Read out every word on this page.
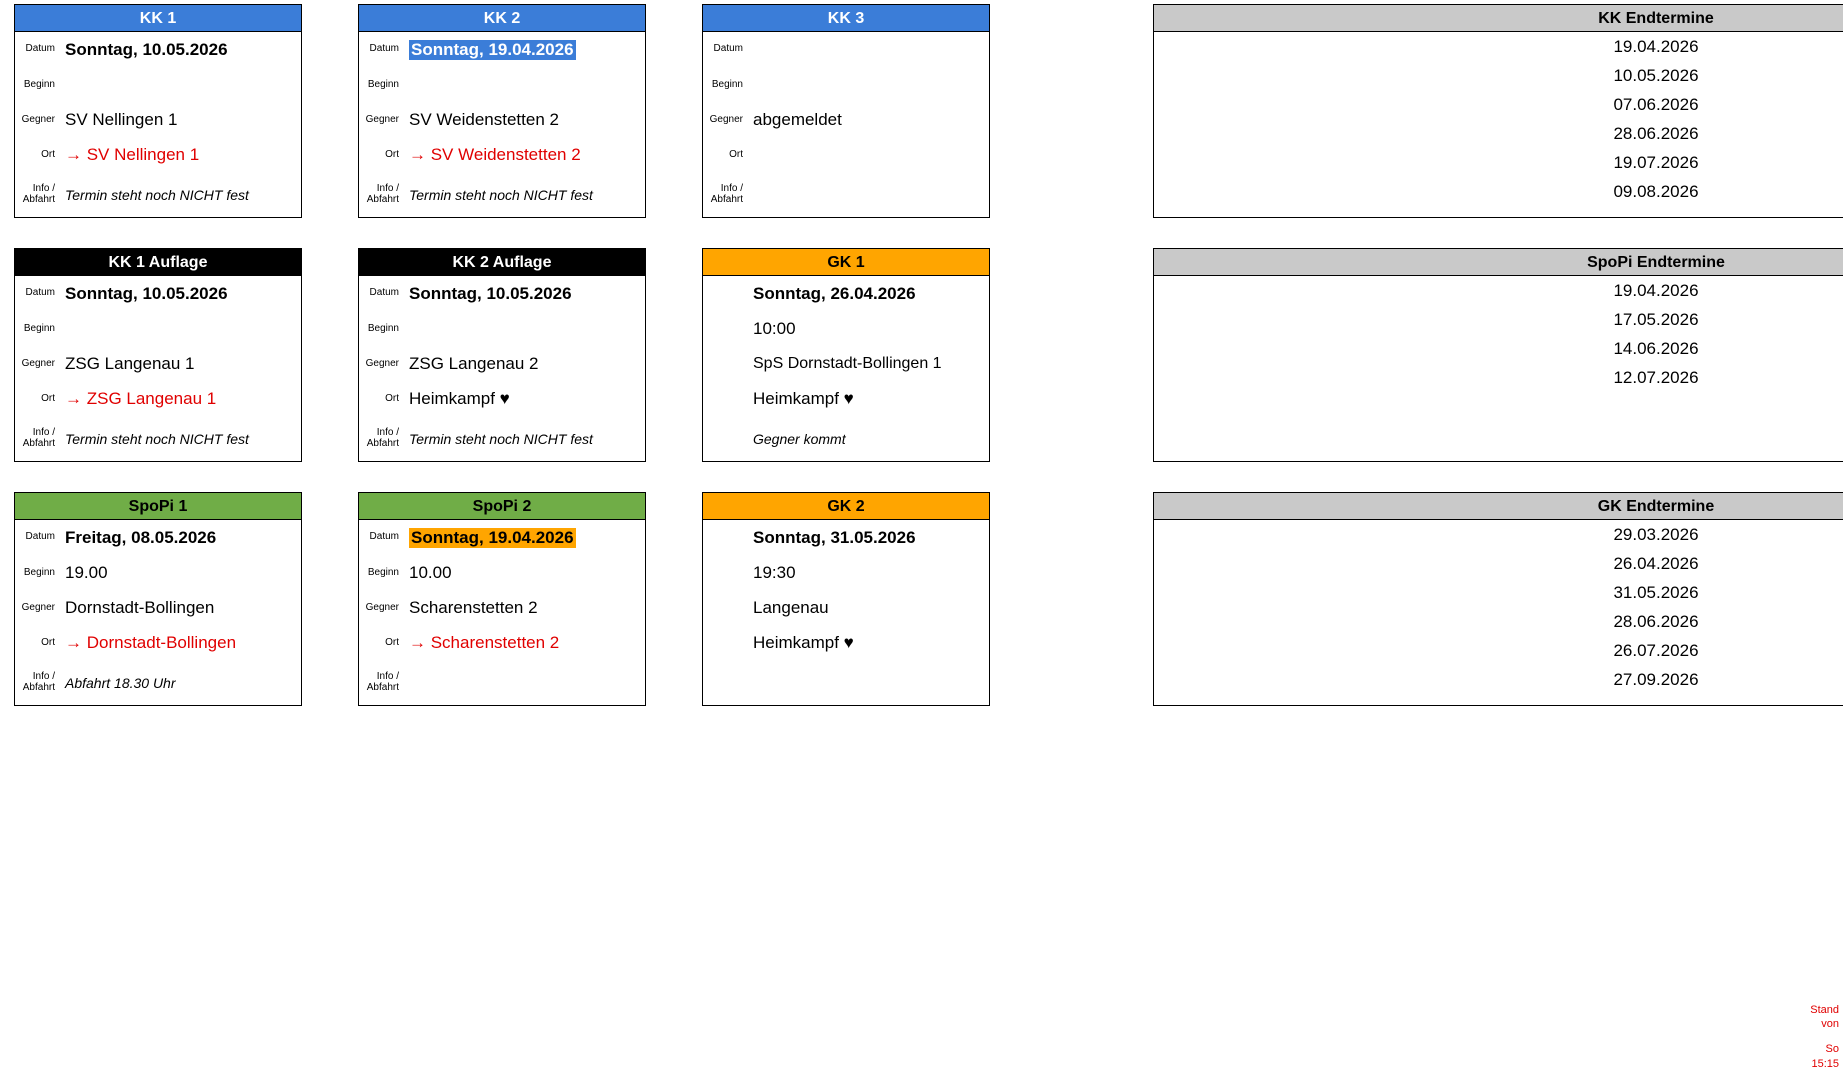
KK 1
Datum Sonntag, 10.05.2026
Beginn
Gegner SV Nellingen 1
Ort → SV Nellingen 1
Info /
Abfahrt Termin steht noch NICHT fest
KK 2
Datum Sonntag, 19.04.2026
Beginn
Gegner SV Weidenstetten 2
Ort → SV Weidenstetten 2
Info /
Abfahrt Termin steht noch NICHT fest
KK 3
Datum
Beginn
Gegner abgemeldet
Ort
Info /
Abfahrt
KK 1 Auflage
Datum Sonntag, 10.05.2026
Beginn
Gegner ZSG Langenau 1
Ort → ZSG Langenau 1
Info /
Abfahrt Termin steht noch NICHT fest
KK 2 Auflage
Datum Sonntag, 10.05.2026
Beginn
Gegner ZSG Langenau 2
Ort Heimkampf ♥
Info /
Abfahrt Termin steht noch NICHT fest
GK 1
Sonntag, 26.04.2026
10:00
SpS Dornstadt-Bollingen 1
Heimkampf ♥
Gegner kommt
SpoPi 1
Datum Freitag, 08.05.2026
Beginn 19.00
Gegner Dornstadt-Bollingen
Ort → Dornstadt-Bollingen
Info /
Abfahrt Abfahrt 18.30 Uhr
SpoPi 2
Datum Sonntag, 19.04.2026
Beginn 10.00
Gegner Scharenstetten 2
Ort → Scharenstetten 2
Info /
Abfahrt
GK 2
Sonntag, 31.05.2026
19:30
Langenau
Heimkampf ♥
KK Endtermine
19.04.2026
10.05.2026
07.06.2026
28.06.2026
19.07.2026
09.08.2026
SpoPi Endtermine
19.04.2026
17.05.2026
14.06.2026
12.07.2026
GK Endtermine
29.03.2026
26.04.2026
31.05.2026
28.06.2026
26.07.2026
27.09.2026
Stand
von
So
15:15
